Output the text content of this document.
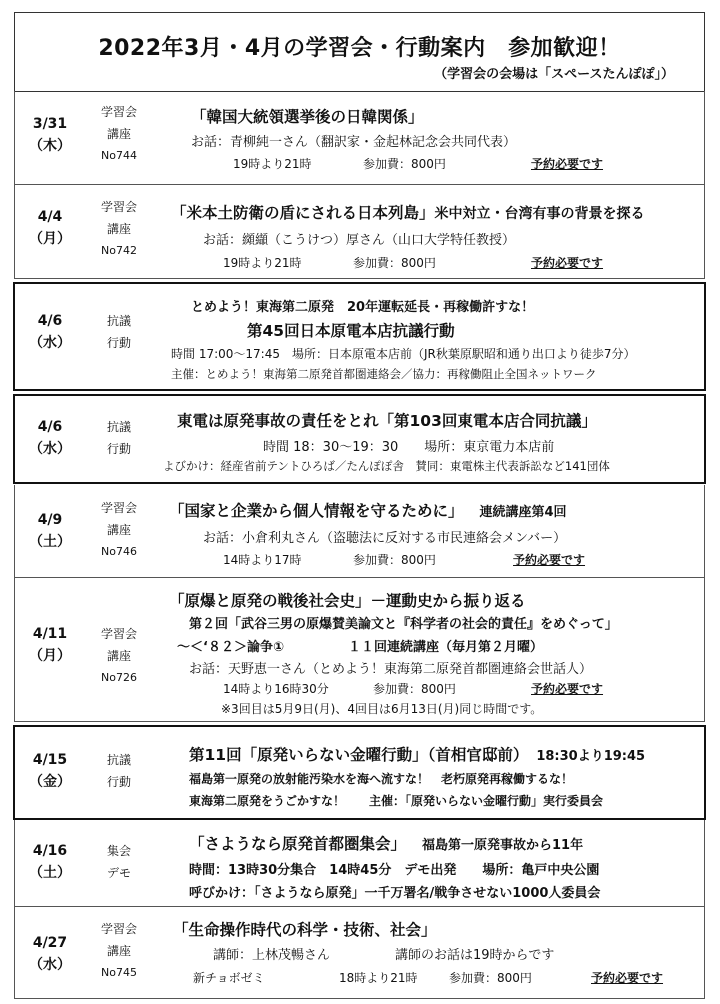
2022年3月・4月の学習会・行動案内　参加歓迎！
（学習会の会場は「スペースたんぽぽ」）
3/31
（木）
学習会
講座
No744
「韓国大統領選挙後の日韓関係」
お話：青柳純一さん（翻訳家・金起林記念会共同代表）
19時より21時	参加費：800円	予約必要です
4/4
（月）
学習会
講座
No742
「米本土防衛の盾にされる日本列島」米中対立・台湾有事の背景を探る
お話：纐纈（こうけつ）厚さん（山口大学特任教授）
19時より21時	参加費：800円	予約必要です
4/6
（水）
抗議
行動
とめよう！東海第二原発　20年運転延長・再稼働許すな！
第45回日本原電本店抗議行動
時間 17:00～17:45　場所：日本原電本店前（JR秋葉原駅昭和通り出口より徒歩7分）
主催：とめよう！東海第二原発首都圏連絡会／協力：再稼働阻止全国ネットワーク
4/6
（水）
抗議
行動
東電は原発事故の責任をとれ「第103回東電本店合同抗議」
時間 18：30～19：30　　場所：東京電力本店前
よびかけ：経産省前テントひろば／たんぽぽ舎　賛同：東電株主代表訴訟など141団体
4/9
（土）
学習会
講座
No746
「国家と企業から個人情報を守るために」 連続講座第4回
お話：小倉利丸さん（盗聴法に反対する市民連絡会メンバー）
14時より17時	参加費：800円	予約必要です
4/11
（月）
学習会
講座
No726
「原爆と原発の戦後社会史」－運動史から振り返る
第２回「武谷三男の原爆賛美論文と『科学者の社会的責任』をめぐって」
～＜‘８２＞論争①	１１回連続講座（毎月第２月曜）
お話：天野恵一さん（とめよう！東海第二原発首都圏連絡会世話人）
14時より16時30分	参加費：800円	予約必要です
※3回目は5月9日(月)、4回目は6月13日(月)同じ時間です。
4/15
（金）
抗議
行動
第11回「原発いらない金曜行動」（首相官邸前） 18:30より19:45
福島第一原発の放射能汚染水を海へ流すな！　老朽原発再稼働するな！
東海第二原発をうごかすな！　　主催：「原発いらない金曜行動」実行委員会
4/16
（土）
集会
デモ
「さようなら原発首都圏集会」 福島第一原発事故から11年
時間：13時30分集合　14時45分　デモ出発　　場所：亀戸中央公園
呼びかけ：「さようなら原発」一千万署名/戦争させない1000人委員会
4/27
（水）
学習会
講座
No745
「生命操作時代の科学・技術、社会」
講師：上林茂暢さん	講師のお話は19時からです
新チョボゼミ	18時より21時	参加費：800円	予約必要です
